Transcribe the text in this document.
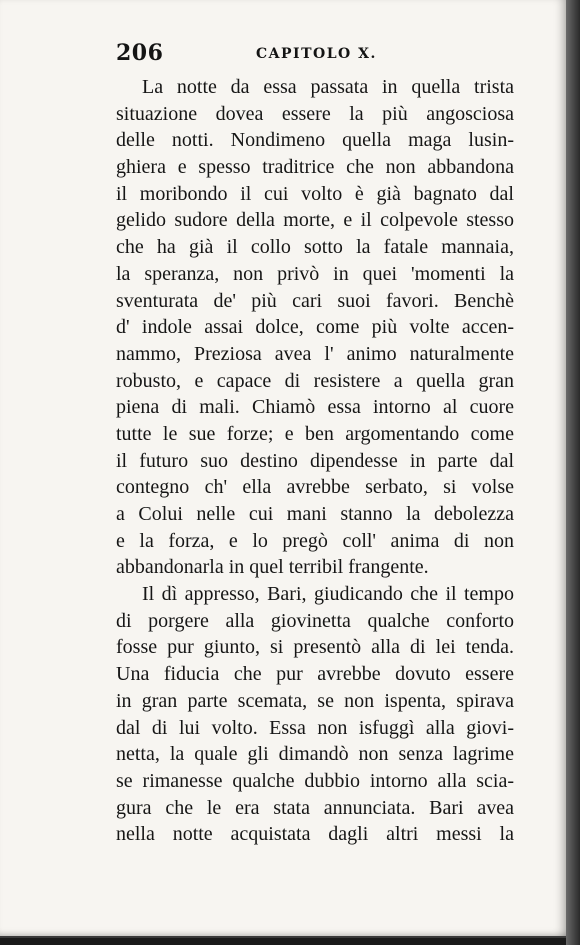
206	CAPITOLO X.
La notte da essa passata in quella trista
situazione dovea essere la più angosciosa
delle notti. Nondimeno quella maga lusin-
ghiera e spesso traditrice che non abbandona
il moribondo il cui volto è già bagnato dal
gelido sudore della morte, e il colpevole stesso
che ha già il collo sotto la fatale mannaia,
la speranza, non privò in quei 'momenti la
sventurata de' più cari suoi favori. Benchè
d' indole assai dolce, come più volte accen-
nammo, Preziosa avea l' animo naturalmente
robusto, e capace di resistere a quella gran
piena di mali. Chiamò essa intorno al cuore
tutte le sue forze; e ben argomentando come
il futuro suo destino dipendesse in parte dal
contegno ch' ella avrebbe serbato, si volse
a Colui nelle cui mani stanno la debolezza
e la forza, e lo pregò coll' anima di non
abbandonarla in quel terribil frangente.
Il dì appresso, Bari, giudicando che il tempo
di porgere alla giovinetta qualche conforto
fosse pur giunto, si presentò alla di lei tenda.
Una fiducia che pur avrebbe dovuto essere
in gran parte scemata, se non ispenta, spirava
dal di lui volto. Essa non isfuggì alla giovi-
netta, la quale gli dimandò non senza lagrime
se rimanesse qualche dubbio intorno alla scia-
gura che le era stata annunciata. Bari avea
nella notte acquistata dagli altri messi la
